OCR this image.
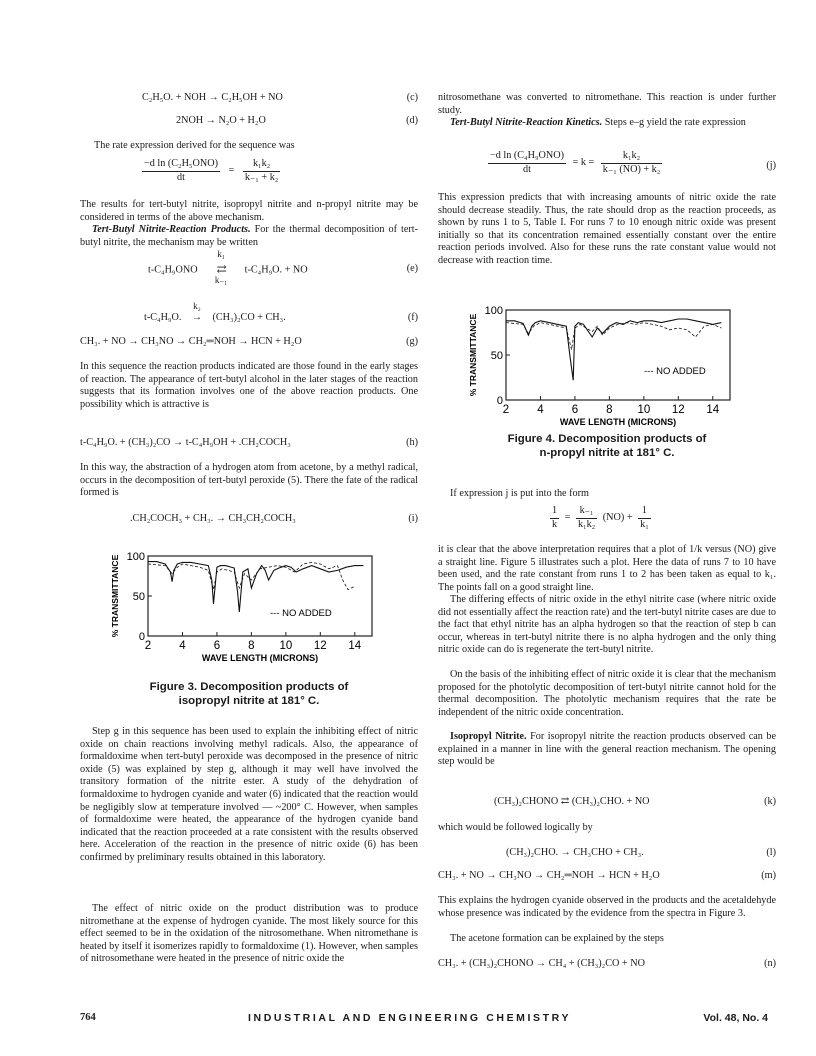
C₂H₅O. + NOH → C₂H₅OH + NO	(c)
2NOH → N₂O + H₂O	(d)
The rate expression derived for the sequence was
$\frac{\text{−d ln (C₂H₅ONO)}}{dt} = \frac{\text{k₁k₂}}{\text{k₋₁ + k₂}}$
The results for tert-butyl nitrite, isopropyl nitrite and n-propyl nitrite may be considered in terms of the above mechanism.
Tert-Butyl Nitrite-Reaction Products. For the thermal decomposition of tert-butyl nitrite, the mechanism may be written
t-C₄H₉ONO
k₁
⇄
k₋₁
t-C₄H₉O. + NO	(e)
t-C₄H₉O.
k₂
→ (CH₃)₂CO + CH₃.	(f)
CH₃. + NO → CH₃NO → CH₂═NOH → HCN + H₂O	(g)
In this sequence the reaction products indicated are those found in the early stages of reaction. The appearance of tert-butyl alcohol in the later stages of the reaction suggests that its formation involves one of the above reaction products. One possibility which is attractive is
t-C₄H₉O. + (CH₃)₂CO → t-C₄H₉OH + .CH₂COCH₃	(h)
In this way, the abstraction of a hydrogen atom from acetone, by a methyl radical, occurs in the decomposition of tert-butyl peroxide (5). There the fate of the radical formed is
.CH₂COCH₃ + CH₃. → CH₃CH₂COCH₃	(i)
% TRANSMITTANCE 0
50
100
2 4 6 8 10 12 14
WAVE LENGTH (MICRONS)
--- NO ADDED
Figure 3. Decomposition products of
isopropyl nitrite at 181° C.
Step g in this sequence has been used to explain the inhibiting effect of nitric oxide on chain reactions involving methyl radicals. Also, the appearance of formaldoxime when tert-butyl peroxide was decomposed in the presence of nitric oxide (5) was explained by step g, although it may well have involved the transitory formation of the nitrite ester. A study of the dehydration of formaldoxime to hydrogen cyanide and water (6) indicated that the reaction would be negligibly slow at temperature involved — ~200° C. However, when samples of formaldoxime were heated, the appearance of the hydrogen cyanide band indicated that the reaction proceeded at a rate consistent with the results observed here. Acceleration of the reaction in the presence of nitric oxide (6) has been confirmed by preliminary results obtained in this laboratory.
The effect of nitric oxide on the product distribution was to produce nitromethane at the expense of hydrogen cyanide. The most likely source for this effect seemed to be in the oxidation of the nitrosomethane. When nitromethane is heated by itself it isomerizes rapidly to formaldoxime (1). However, when samples of nitrosomethane were heated in the presence of nitric oxide the
nitrosomethane was converted to nitromethane. This reaction is under further study.
Tert-Butyl Nitrite-Reaction Kinetics. Steps e–g yield the rate expression
$\frac{\text{−d ln (C₄H₉ONO)}}{dt} = k = \frac{\text{k₁k₂}}{\text{k₋₁ (NO) + k₂}}$	(j)
This expression predicts that with increasing amounts of nitric oxide the rate should decrease steadily. Thus, the rate should drop as the reaction proceeds, as shown by runs 1 to 5, Table I. For runs 7 to 10 enough nitric oxide was present initially so that its concentration remained essentially constant over the entire reaction periods involved. Also for these runs the rate constant value would not decrease with reaction time.
% TRANSMITTANCE
0
50
100
2 4 6 8 10 12 14
WAVE LENGTH (MICRONS)
--- NO ADDED
Figure 4. Decomposition products of
n-propyl nitrite at 181° C.
If expression j is put into the form
$\frac{1}{k} = \frac{\text{k₋₁}}{\text{k₁k₂}} (NO) + \frac{1}{\text{k₁}}$
it is clear that the above interpretation requires that a plot of 1/k versus (NO) give a straight line. Figure 5 illustrates such a plot. Here the data of runs 7 to 10 have been used, and the rate constant from runs 1 to 2 has been taken as equal to k₁. The points fall on a good straight line.
The differing effects of nitric oxide in the ethyl nitrite case (where nitric oxide did not essentially affect the reaction rate) and the tert-butyl nitrite cases are due to the fact that ethyl nitrite has an alpha hydrogen so that the reaction of step b can occur, whereas in tert-butyl nitrite there is no alpha hydrogen and the only thing nitric oxide can do is regenerate the tert-butyl nitrite.
On the basis of the inhibiting effect of nitric oxide it is clear that the mechanism proposed for the photolytic decomposition of tert-butyl nitrite cannot hold for the thermal decomposition. The photolytic mechanism requires that the rate be independent of the nitric oxide concentration.
Isopropyl Nitrite. For isopropyl nitrite the reaction products observed can be explained in a manner in line with the general reaction mechanism. The opening step would be
(CH₃)₂CHONO ⇄ (CH₃)₂CHO. + NO	(k)
which would be followed logically by
(CH₃)₂CHO. → CH₃CHO + CH₃.	(l)
CH₃. + NO → CH₃NO → CH₂═NOH → HCN + H₂O	(m)
This explains the hydrogen cyanide observed in the products and the acetaldehyde whose presence was indicated by the evidence from the spectra in Figure 3.
The acetone formation can be explained by the steps
CH₃. + (CH₃)₂CHONO → CH₄ + (CH₃)₂CO + NO	(n)
764	INDUSTRIAL AND ENGINEERING CHEMISTRY	Vol. 48, No. 4
